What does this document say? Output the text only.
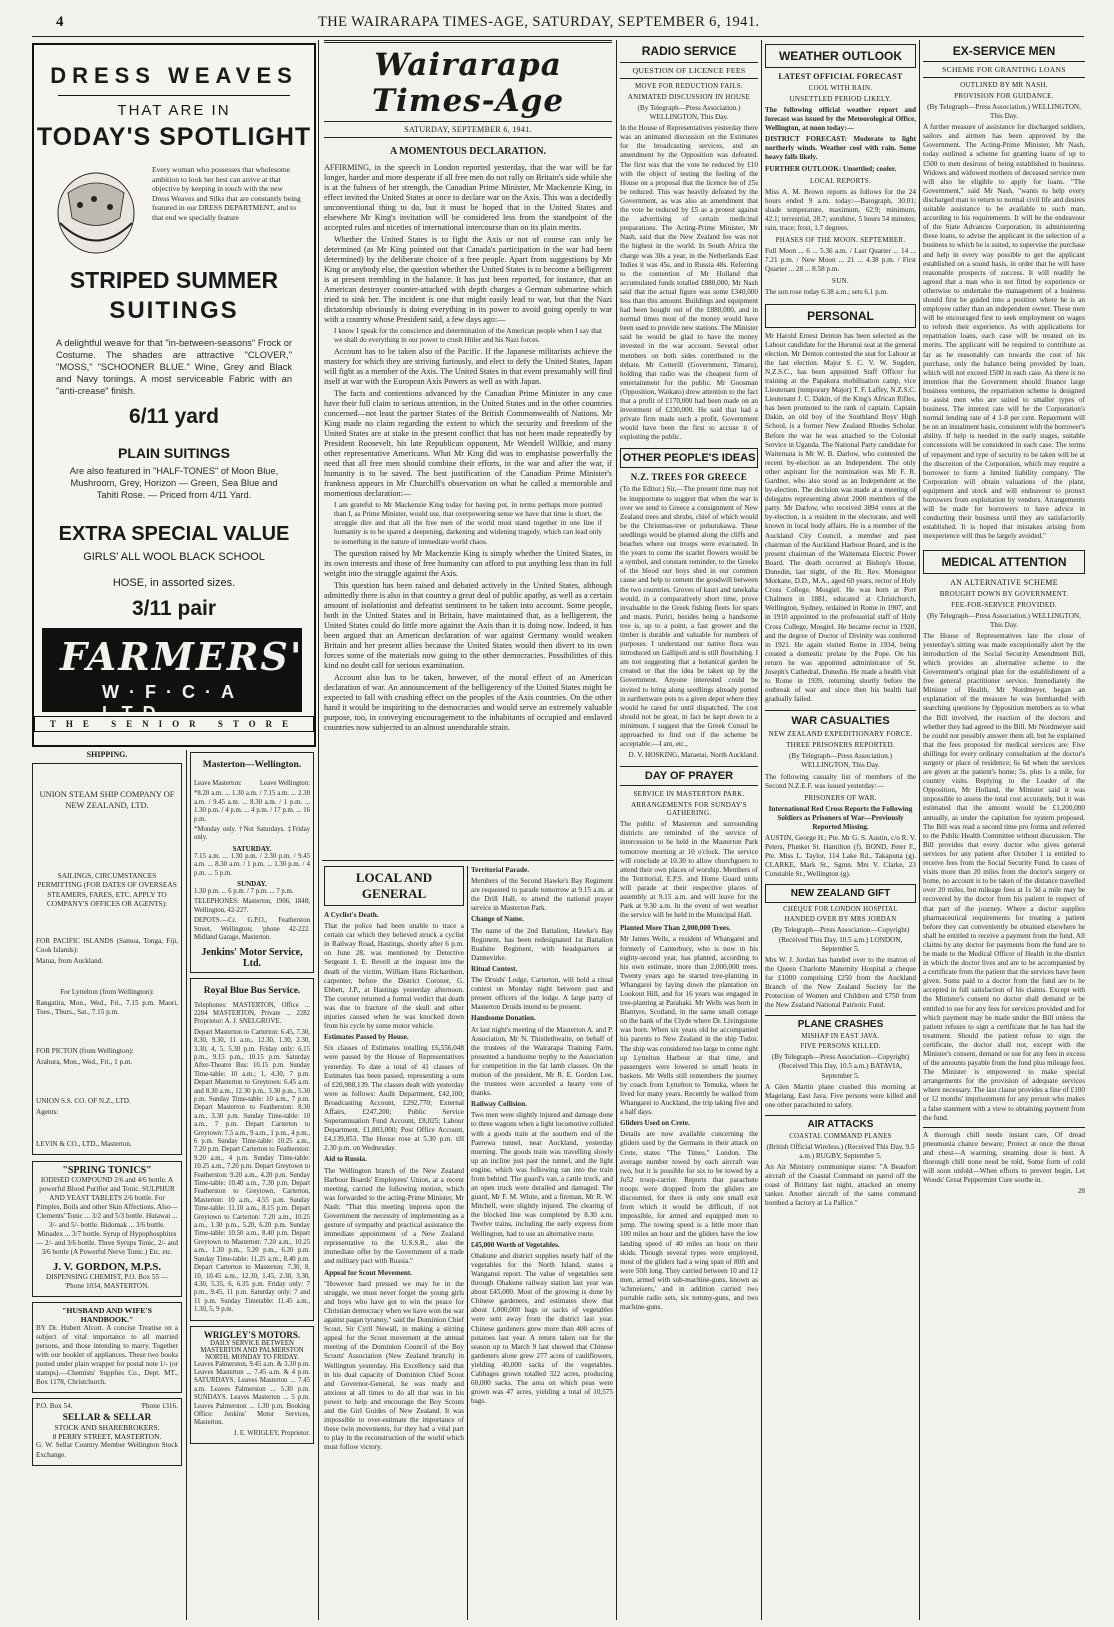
4	THE WAIRARAPA TIMES-AGE, SATURDAY, SEPTEMBER 6, 1941.
DRESS WEAVES
THAT ARE IN
TODAY'S SPOTLIGHT
Every woman who possesses that wholesome ambition to look her best can arrive at that objective by keeping in touch with the new Dress Weaves and Silks that are constantly being featured in our DRESS DEPARTMENT, and to that end we specially feature
STRIPED SUMMER
SUITINGS
A delightful weave for that "in-between-seasons" Frock or Costume. The shades are attractive "CLOVER," "MOSS," "SCHOONER BLUE." Wine, Grey and Black and Navy tonings. A most serviceable Fabric with an "anti-crease" finish.
6/11 yard
PLAIN SUITINGS
Are also featured in "HALF-TONES" of Moon Blue, Mushroom, Grey, Horizon — Green, Sea Blue and Tahiti Rose. — Priced from 4/11 Yard.
EXTRA SPECIAL VALUE
GIRLS' ALL WOOL BLACK SCHOOL
HOSE, in assorted sizes.
3/11 pair
FARMERS'
W·F·C·A LTD
THE SENIOR STORE
SHIPPING.
UNION STEAM SHIP COMPANY OF NEW ZEALAND, LTD.
SAILINGS, CIRCUMSTANCES PERMITTING (FOR DATES OF OVERSEAS STEAMERS, FARES, ETC. APPLY TO COMPANY'S OFFICES OR AGENTS):
FOR PACIFIC ISLANDS (Samoa, Tonga, Fiji, Cook Islands):
Matua, from Auckland.
For Lyttelton (from Wellington):
Rangatira, Mon., Wed., Fri., 7.15 p.m. Maori, Tues., Thurs., Sat., 7.15 p.m.
FOR PICTON (from Wellington):
Arahura, Mon., Wed., Fri., 1 p.m.
UNION S.S. CO. OF N.Z., LTD.
Agents:
LEVIN & CO., LTD., Masterton.
"SPRING TONICS"
IODISED COMPOUND 2/6 and 4/6 bottle. A powerful Blood Purifier and Tonic. SULPHUR AND YEAST TABLETS 2/6 bottle. For Pimples, Boils and other Skin Affections. Also— Clements' Tonic ... 3/2 and 5/3 bottle. Hutawai ... 3/- and 5/- bottle. Bidomak ... 3/6 bottle. Minadex ... 3/7 bottle. Syrup of Hypophosphites— 2/- and 3/6 bottle. Three Syrups Tonic, 2/- and 3/6 bottle (A Powerful Nerve Tonic.) Etc. etc.
J. V. GORDON, M.P.S.
DISPENSING CHEMIST, P.O. Box 55 — 'Phone 1034, MASTERTON.
"HUSBAND AND WIFE'S HANDBOOK."
BY Dr. Hubert Alcott. A concise Treatise on a subject of vital importance to all married persons, and those intending to marry. Together with our booklet of appliances. These two books posted under plain wrapper for postal note 1/- (or stamps).—Chemists' Supplies Co., Dept. MT., Box 1178, Christchurch.
P.O. Box 54.	'Phone 1316.
SELLAR & SELLAR
STOCK AND SHAREBROKERS.
8 PERRY STREET, MASTERTON.
G. W. Sellar Country Member Wellington Stock Exchange.
Masterton—Wellington.
Leave Masterton:	Leave Wellington:
*8.20 a.m. ... 1.30 a.m. / 7.15 a.m. ... 2.30 a.m. / 9.45 a.m. ... 8.30 a.m. / 1 p.m. ... 1.30 p.m. / 4 p.m. ... 4 p.m. / 17 p.m. ... 16 p.m.
*Monday only. †Not Saturdays. ‡Friday only.
SATURDAY.
7.15 a.m. ... 1.30 p.m. / 2.30 p.m. / 9.45 a.m. ... 8.30 a.m. / 1 p.m. ... 1.30 p.m. / 4 p.m. ... 5 p.m.
SUNDAY.
1.30 p.m. ... 6 p.m. / 7 p.m. ... 7 p.m.
TELEPHONES: Masterton, 1906, 1848; Wellington, 42-227.
DEPOTS.—Cr. G.P.O., Featherston Street, Wellington; 'phone 42-222. Midland Garage, Masterton.
Jenkins' Motor Service, Ltd.
Royal Blue Bus Service.
Telephones: MASTERTON, Office ... 2284 MASTERTON, Private ... 2282 Proprietor: A. J. SNELGROVE.
Depart Masterton to Carterton: 6.45, 7.30, 8.30, 9.30, 11 a.m., 12.30, 1.30, 2.30, 3.30, 4, 5, 5.30 p.m. Friday only: 6.15 p.m., 9.15 p.m., 10.15 p.m. Saturday After-Theatre Bus: 10.15 p.m. Sunday Time-table: 10 a.m.; 1, 4.30, 7 p.m. Depart Masterton to Greytown: 6.45 a.m. and 8.30 a.m., 12.30 p.m., 3.30 p.m., 5.30 p.m. Sunday Time-table: 10 a.m., 7 p.m. Depart Masterton to Featherston: 8.30 a.m., 3.30 p.m. Sunday Time-table: 10 a.m., 7 p.m. Depart Carterton to Greytown: 7.5 a.m., 9 a.m., 1 p.m., 4 p.m., 6 p.m. Sunday Time-table: 10.25 a.m., 7.20 p.m. Depart Carterton to Featherston: 9.20 a.m., 4 p.m. Sunday Time-table: 10.25 a.m., 7.20 p.m. Depart Greytown to Featherston: 9.20 a.m., 4.20 p.m. Sunday Time-table: 10.40 a.m., 7.30 p.m. Depart Featherston to Greytown, Carterton, Masterton: 10 a.m., 4.55 p.m. Sunday Time-table: 11.10 a.m., 8.15 p.m. Depart Greytown to Carterton: 7.20 a.m., 10.25 a.m., 1.30 p.m., 5.20, 6.20 p.m. Sunday Time-table: 10.50 a.m., 8.40 p.m. Depart Greytown to Masterton: 7.20 a.m., 10.25 a.m., 1.30 p.m., 5.20 p.m., 6.20 p.m. Sunday Time-table: 11.25 a.m., 8.40 p.m. Depart Carterton to Masterton: 7.30, 8, 10, 10.45 a.m., 12.30, 1.45, 2.30, 3.30, 4.30, 5.35, 6, 6.35 p.m. Friday only: 7 p.m., 9.45, 11 p.m. Saturday only: 7 and 11 p.m. Sunday Timetable: 11.45 a.m., 1.30, 5, 9 p.m.
WRIGLEY'S MOTORS.
DAILY SERVICE BETWEEN MASTERTON AND PALMERSTON NORTH. MONDAY TO FRIDAY.
Leaves Palmerston, 9.45 a.m. & 3.30 p.m. Leaves Masterton ... 7.45 a.m. & 4 p.m. SATURDAYS. Leaves Masterton ... 7.45 a.m. Leaves Palmerston ... 5.30 p.m. SUNDAYS. Leaves Masterton ... 5 p.m. Leaves Palmerston ... 1.30 p.m. Booking Office: Jenkins' Motor Services, Masterton.
J. E. WRIGLEY, Proprietor.
Wairarapa Times-Age
SATURDAY, SEPTEMBER 6, 1941.
A MOMENTOUS DECLARATION.
AFFIRMING, in the speech in London reported yesterday, that the war will be far longer, harder and more desperate if all free men do not rally on Britain's side while she is at the fulness of her strength, the Canadian Prime Minister, Mr Mackenzie King, in effect invited the United States at once to declare war on the Axis. This was a decidedly unconventional thing to do, but it must be hoped that in the United States and elsewhere Mr King's invitation will be considered less from the standpoint of the accepted rules and niceties of international intercourse than on its plain merits.
Whether the United States is to fight the Axis or not of course can only be determined (as Mr King pointed out that Canada's participation in the war had been determined) by the deliberate choice of a free people. Apart from suggestions by Mr King or anybody else, the question whether the United States is to become a belligerent is at present trembling in the balance. It has just been reported, for instance, that an American destroyer counter-attacked with depth charges a German submarine which tried to sink her. The incident is one that might easily lead to war, but that the Nazi dictatorship obviously is doing everything in its power to avoid going openly to war with a country whose President said, a few days ago:—
I know I speak for the conscience and determination of the American people when I say that we shall do everything in our power to crush Hitler and his Nazi forces.
Account has to be taken also of the Pacific. If the Japanese militarists achieve the mastery for which they are striving furiously, and elect to defy the United States, Japan will fight as a member of the Axis. The United States in that event presumably will find itself at war with the European Axis Powers as well as with Japan.
The facts and contentions advanced by the Canadian Prime Minister in any case have their full claim to serious attention, in the United States and in the other countries concerned—not least the partner States of the British Commonwealth of Nations. Mr King made no claim regarding the extent to which the security and freedom of the United States are at stake in the present conflict that has not been made repeatedly by President Roosevelt, his late Republican opponent, Mr Wendell Willkie, and many other representative Americans. What Mr King did was to emphasise powerfully the need that all free men should combine their efforts, in the war and after the war, if humanity is to be saved. The best justification of the Canadian Prime Minister's frankness appears in Mr Churchill's observation on what he called a memorable and momentous declaration:—
I am grateful to Mr Mackenzie King today for having put, in terms perhaps more pointed than I, as Prime Minister, would use, that overpowering sense we have that time is short, the struggle dire and that all the free men of the world must stand together in one line if humanity is to be spared a deepening, darkening and widening tragedy, which can lead only to something in the nature of immediate world chaos.
The question raised by Mr Mackenzie King is simply whether the United States, in its own interests and those of free humanity can afford to put anything less than its full weight into the struggle against the Axis.
This question has been raised and debated actively in the United States, although admittedly there is also in that country a great deal of public apathy, as well as a certain amount of isolationist and defeatist sentiment to be taken into account. Some people, both in the United States and in Britain, have maintained that, as a belligerent, the United States could do little more against the Axis than it is doing now. Indeed, it has been argued that an American declaration of war against Germany would weaken Britain and her present allies because the United States would then divert to its own forces some of the materials now going to the other democracies. Possibilities of this kind no doubt call for serious examination.
Account also has to be taken, however, of the moral effect of an American declaration of war. An announcement of the belligerency of the United States might be expected to fall with crushing effect on the peoples of the Axis countries. On the other hand it would be inspiriting to the democracies and would serve an extremely valuable purpose, too, in conveying encouragement to the inhabitants of occupied and enslaved countries now subjected to an almost unendurable strain.
LOCAL AND GENERAL
A Cyclist's Death.
That the police had been unable to trace a certain car which they believed struck a cyclist in Railway Road, Hastings, shortly after 6 p.m. on June 28, was mentioned by Detective Sergeant J. E. Revell at the inquest into the death of the victim, William Hans Richardson, carpenter, before the District Coroner, G. Ebbett, J.P., at Hastings yesterday afternoon. The coroner returned a formal verdict that death was due to fracture of the skull and other injuries caused when he was knocked down from his cycle by some motor vehicle.
Estimates Passed by House.
Six classes of Estimates totalling £6,556,048 were passed by the House of Representatives yesterday. To date a total of 41 classes of Estimates has been passed, representing a sum of £20,988,139. The classes dealt with yesterday were as follows: Audit Department, £42,100; Broadcasting Account, £292,770; External Affairs, £247,200; Public Service Superannuation Fund Account, £8,025; Labour Department, £1,803,000; Post Office Account, £4,139,853. The House rose at 5.30 p.m. till 2.30 p.m. on Wednesday.
Aid to Russia.
The Wellington branch of the New Zealand Harbour Boards' Employees' Union, at a recent meeting, carried the following motion, which was forwarded to the acting-Prime Minister, Mr Nash: "That this meeting impress upon the Government the necessity of implementing as a gesture of sympathy and practical assistance the immediate appointment of a New Zealand representative to the U.S.S.R., also the immediate offer by the Government of a trade and military pact with Russia."
Appeal for Scout Movement.
"However hard pressed we may be in the struggle, we must never forget the young girls and boys who have got to win the peace for Christian democracy when we have won the war against pagan tyranny," said the Dominion Chief Scout, Sir Cyril Newall, in making a stirring appeal for the Scout movement at the annual meeting of the Dominion Council of the Boy Scouts' Association (New Zealand branch) in Wellington yesterday. His Excellency said that in his dual capacity of Dominion Chief Scout and Governor-General, he was ready and anxious at all times to do all that was in his power to help and encourage the Boy Scouts and the Girl Guides of New Zealand. It was impossible to over-estimate the importance of these twin movements, for they had a vital part to play in the reconstruction of the world which must follow victory.
Territorial Parade.
Members of the Second Hawke's Bay Regiment are requested to parade tomorrow at 9.15 a.m. at the Drill Hall, to attend the national prayer service in Masterton Park.
Change of Name.
The name of the 2nd Battalion, Hawke's Bay Regiment, has been redesignated 1st Battalion Ruahine Regiment, with headquarters at Dannevirke.
Ritual Contest.
The Druids' Lodge, Carterton, will hold a ritual contest on Monday night between past and present officers of the lodge. A large party of Masterton Druids intend to be present.
Handsome Donation.
At last night's meeting of the Masterton A. and P. Association, Mr N. Thistlethwaite, on behalf of the trustees of the Wairarapa Training Farm, presented a handsome trophy to the Association for competition in the fat lamb classes. On the motion of the president, Mr R. E. Gordon Lee, the trustees were accorded a hearty vote of thanks.
Railway Collision.
Two men were slightly injured and damage done to three wagons when a light locomotive collided with a goods train at the southern end of the Paerewa tunnel, near Auckland, yesterday morning. The goods train was travelling slowly up an incline just past the tunnel, and the light engine, which was following ran into the train from behind. The guard's van, a cattle truck, and an open truck were derailed and damaged. The guard, Mr F. M. White, and a fireman, Mr R. W. Mitchell, were slightly injured. The clearing of the blocked line was completed by 8.30 a.m. Twelve trains, including the early express from Wellington, had to use an alternative route.
£45,000 Worth of Vegetables.
Ohakune and district supplies nearly half of the vegetables for the North Island, states a Wanganui report. The value of vegetables sent through Ohakune railway station last year was about £45,000. Most of the growing is done by Chinese gardeners, and estimates show that about 1,000,000 bags or sacks of vegetables were sent away from the district last year. Chinese gardeners grew more than 400 acres of potatoes last year. A return taken out for the season up to March 9 last showed that Chinese gardeners alone grew 277 acres of cauliflowers, yielding 40,000 sacks of the vegetables. Cabbages grown totalled 322 acres, producing 60,000 sacks. The area on which peas were grown was 47 acres, yielding a total of 10,575 bags.
RADIO SERVICE
QUESTION OF LICENCE FEES
MOVE FOR REDUCTION FAILS.
ANIMATED DISCUSSION IN HOUSE
(By Telegraph—Press Association.) WELLINGTON, This Day.
In the House of Representatives yesterday there was an animated discussion on the Estimates for the broadcasting services, and an amendment by the Opposition was defeated. The first was that the vote be reduced by £10 with the object of testing the feeling of the House on a proposal that the licence fee of 25s be reduced. This was heavily defeated by the Government, as was also an amendment that the vote be reduced by £5 as a protest against the advertising of certain medicinal preparations. The Acting-Prime Minister, Mr Nash, said that the New Zealand fee was not the highest in the world. In South Africa the charge was 30s a year, in the Netherlands East Indies it was 45s, and in Russia 48s. Referring to the contention of Mr Holland that accumulated funds totalled £880,000, Mr Nash said that the actual figure was some £340,000 less than this amount. Buildings and equipment had been bought out of the £880,000, and in normal times most of the money would have been used to provide new stations. The Minister said he would be glad to have the money invested in the war account. Several other members on both sides contributed to the debate. Mr Cotterill (Government, Timaru), holding that radio was the cheapest form of entertainment for the public. Mr Goosman (Opposition, Waikato) drew attention to the fact that a profit of £170,000 had been made on an investment of £230,000. He said that had a private firm made such a profit, Government would have been the first to accuse it of exploiting the public.
OTHER PEOPLE'S IDEAS
N.Z. TREES FOR GREECE
(To the Editor.) Sir,—The present time may not be inopportune to suggest that when the war is over we send to Greece a consignment of New Zealand trees and shrubs, chief of which would be the Christmas-tree or pohutukawa. These seedlings would be planted along the cliffs and beaches where our troops were evacuated. In the years to come the scarlet flowers would be a symbol, and constant reminder, to the Greeks of the blood our boys shed in our common cause and help to cement the goodwill between the two countries. Groves of kauri and tanekaha would, in a comparatively short time, prove invaluable to the Greek fishing fleets for spars and masts. Puriri, besides being a handsome tree is, up to a point, a fast grower and the timber is durable and valuable for numbers of purposes. I understand our native flora was introduced on Gallipoli and is still flourishing. I am not suggesting that a botanical garden be created or that the idea be taken up by the Government. Anyone interested could be invited to bring along seedlings already potted in earthenware pots to a given depot where they would be cared for until dispatched. The cost should not be great, in fact be kept down to a minimum. I suggest that the Greek Consul be approached to find out if the scheme be acceptable.—I am, etc.,
D. V. HOSKING, Maraetai, North Auckland.
DAY OF PRAYER
SERVICE IN MASTERTON PARK.
ARRANGEMENTS FOR SUNDAY'S GATHERING.
The public of Masterton and surrounding districts are reminded of the service of intercession to be held in the Masterton Park tomorrow morning at 10 o'clock. The service will conclude at 10.30 to allow churchgoers to attend their own places of worship. Members of the Territorial, E.P.S. and Home Guard units will parade at their respective places of assembly at 9.15 a.m. and will leave for the Park at 9.30 a.m. In the event of wet weather the service will be held in the Municipal Hall.
Planted More Than 2,000,000 Trees.
Mr James Wells, a resident of Whangarei and formerly of Canterbury, who is now in his eighty-second year, has planted, according to his own estimate, more than 2,000,000 trees. Twenty years ago he started tree-planting in Whangarei by laying down the plantation on Lookout Hill, and for 16 years was engaged in tree-planting at Parahaki. Mr Wells was born in Blantyre, Scotland, in the same small cottage on the bank of the Clyde where Dr. Livingstone was born. When six years old he accompanied his parents to New Zealand in the ship Tudor. The ship was considered too large to come right up Lyttelton Harbour at that time, and passengers were lowered to small boats in baskets. Mr Wells still remembers the journey by coach from Lyttelton to Temuka, where he lived for many years. Recently he walked from Whangarei to Auckland, the trip taking five and a half days.
Gliders Used on Crete.
Details are now available concerning the gliders used by the Germans in their attack on Crete, states "The Times," London. The average number towed by each aircraft was two, but it is possible for six to be towed by a Ju52 troop-carrier. Reports that parachute troops were dropped from the gliders are discounted, for there is only one small exit from which it would be difficult, if not impossible, for armed and equipped men to jump. The towing speed is a little more than 100 miles an hour and the gliders have the low landing speed of 40 miles an hour on their skids. Though several types were employed, most of the gliders had a wing span of 80ft and were 50ft long. They carried between 10 and 12 men, armed with sub-machine-guns, known as 'schmeisers,' and in addition carried two portable radio sets, six tommy-guns, and two machine-guns.
WEATHER OUTLOOK
LATEST OFFICIAL FORECAST
COOL WITH RAIN.
UNSETTLED PERIOD LIKELY.
The following official weather report and forecast was issued by the Meteorological Office, Wellington, at noon today:—
DISTRICT FORECAST: Moderate to light northerly winds. Weather cool with rain. Some heavy falls likely.
FURTHER OUTLOOK: Unsettled; cooler.
LOCAL REPORTS.
Miss A. M. Brown reports as follows for the 24 hours ended 9 a.m. today:—Barograph, 30.01; shade temperature, maximum, 62.9; minimum, 42.1; terrestrial, 28.7; sunshine, 5 hours 54 minutes; rain, trace; frost, 1.7 degrees.
PHASES OF THE MOON. SEPTEMBER.
Full Moon ... 6 ... 5.36 a.m. / Last Quarter ... 14 ... 7.21 p.m. / New Moon ... 21 ... 4.38 p.m. / First Quarter ... 28 ... 8.58 p.m.
SUN.
The sun rose today 6.38 a.m.; sets 6.1 p.m.
PERSONAL
Mr Harold Ernest Denton has been selected as the Labour candidate for the Hurunui seat at the general election. Mr Denton contested the seat for Labour at the last election. Major S. C. V. W. Sugden, N.Z.S.C., has been appointed Staff Officer for training at the Papakura mobilisation camp, vice Lieutenant (temporary Major) T. F. Laffey, N.Z.S.C. Lieutenant J. C. Dakin, of the King's African Rifles, has been promoted to the rank of captain. Captain Dakin, an old boy of the Southland Boys' High School, is a former New Zealand Rhodes Scholar. Before the war he was attached to the Colonial Service in Uganda. The National Party candidate for Waitemata is Mr W. B. Darlow, who contested the recent by-election as an Independent. The only other aspirant for the nomination was Mr F. R. Gardner, who also stood as an Independent at the by-election. The decision was made at a meeting of delegates representing about 2000 members of the party. Mr Darlow, who received 3894 votes at the by-election, is a resident in the electorate, and well known in local body affairs. He is a member of the Auckland City Council, a member and past chairman of the Auckland Harbour Board, and is the present chairman of the Waitemata Electric Power Board. The death occurred at Bishop's House, Dunedin, last night, of the Rt. Rev. Monsignor Morkane, D.D., M.A., aged 60 years, rector of Holy Cross College, Mosgiel. He was born at Port Chalmers in 1881, educated at Christchurch, Wellington, Sydney, ordained in Rome in 1907, and in 1910 appointed to the professorial staff of Holy Cross College, Mosgiel. He became rector in 1920, and the degree of Doctor of Divinity was conferred in 1921. He again visited Rome in 1934, being created a domestic prelate by the Pope. On his return he was appointed administrator of St. Joseph's Cathedral, Dunedin. He made a health visit to Rome in 1939, returning shortly before the outbreak of war and since then his health had gradually failed.
WAR CASUALTIES
NEW ZEALAND EXPEDITIONARY FORCE.
THREE PRISONERS REPORTED.
(By Telegraph—Press Association.) WELLINGTON, This Day.
The following casualty list of members of the Second N.Z.E.F. was issued yesterday:—
PRISONERS OF WAR.
International Red Cross Reports the Following Soldiers as Prisoners of War—Previously Reported Missing.
AUSTIN, George H.; Pte. Mr G. S. Austin, c/o R. V. Peters, Plunket St. Hamilton (f). BOND, Peter F., Pte. Miss L. Taylor, 114 Lake Rd., Takapuna (g). CLARKE, Mark St., Sgmn. Mrs V. Clarke, 23 Constable St., Wellington (g).
NEW ZEALAND GIFT
CHEQUE FOR LONDON HOSPITAL
HANDED OVER BY MRS JORDAN
(By Telegraph—Press Association—Copyright) (Received This Day, 10.5 a.m.) LONDON, September 5.
Mrs W. J. Jordan has handed over to the matron of the Queen Charlotte Maternity Hospital a cheque for £1000 comprising £250 from the Auckland Branch of the New Zealand Society for the Protection of Women and Children and £750 from the New Zealand National Patriotic Fund.
PLANE CRASHES
MISHAP IN EAST JAVA.
FIVE PERSONS KILLED.
(By Telegraph—Press Association—Copyright) (Received This Day, 10.5 a.m.) BATAVIA, September 5.
A Glen Martin plane crashed this morning at Magelang, East Java. Five persons were killed and one other parachuted to safety.
AIR ATTACKS
COASTAL COMMAND PLANES
(British Official Wireless.) (Received This Day, 9.5 a.m.) RUGBY, September 5.
An Air Ministry communique states: "A Beaufort aircraft of the Coastal Command on patrol off the coast of Brittany last night, attacked an enemy tanker. Another aircraft of the same command bombed a factory at La Pallice."
EX-SERVICE MEN
SCHEME FOR GRANTING LOANS
OUTLINED BY MR NASH.
PROVISION FOR GUIDANCE.
(By Telegraph—Press Association.) WELLINGTON, This Day.
A further measure of assistance for discharged soldiers, sailors and airmen has been approved by the Government. The Acting-Prime Minister, Mr Nash, today outlined a scheme for granting loans of up to £500 to men desirous of being established in business. Widows and widowed mothers of deceased service men will also be eligible to apply for loans. "The Government," said Mr Nash, "wants to help every discharged man to return to normal civil life and desires suitable assistance to be available to such man, according to his requirements. It will be the endeavour of the State Advances Corporation, in administering these loans, to advise the applicant in the selection of a business to which he is suited, to supervise the purchase and help in every way possible to get the applicant established on a sound basis, in order that he will have reasonable prospects of success. It will readily be agreed that a man who is not fitted by experience or otherwise to undertake the management of a business should first be guided into a position where he is an employee rather than an independent owner. These men will be encouraged first to seek employment on wages to refresh their experience. As with applications for repatriation loans, each case will be treated on its merits. The applicant will be required to contribute as far as he reasonably can towards the cost of his purchase, only the balance being provided by loan, which will not exceed £500 in each case. As there is no intention that the Government should finance large business ventures, the repatriation scheme is designed to assist men who are suited to smaller types of business. The interest rate will be the Corporation's normal lending rate of 4 1-8 per cent. Repayment will be on an instalment basis, consistent with the borrower's ability. If help is needed in the early stages, suitable concessions will be considered in each case. The terms of repayment and type of security to be taken will be at the discretion of the Corporation, which may require a borrower to form a limited liability company. The Corporation will obtain valuations of the plant, equipment and stock and will endeavour to protect borrowers from exploitation by vendors. Arrangements will be made for borrowers to have advice in conducting their business until they are satisfactorily established. It is hoped that mistakes arising from inexperience will thus be largely avoided."
MEDICAL ATTENTION
AN ALTERNATIVE SCHEME
BROUGHT DOWN BY GOVERNMENT.
FEE-FOR-SERVICE PROVIDED.
(By Telegraph—Press Association.) WELLINGTON, This Day.
The House of Representatives late the close of yesterday's sitting was made exceptionally alert by the introduction of the Social Security Amendment Bill, which provides an alternative scheme to the Government's original plan for the establishment of a free general practitioner service. Immediately the Minister of Health, Mr Nordmeyer, began an explanation of the measure he was bombarded with searching questions by Opposition members as to what the Bill involved, the reaction of the doctors and whether they had agreed to the Bill. Mr Nordmeyer said he could not possibly answer them all, but he explained that the fees proposed for medical services are: Five shillings for every ordinary consultation at the doctor's surgery or place of residence; 6s 6d when the services are given at the patient's home; 5s. plus 1s a mile, for country visits. Replying to the Leader of the Opposition, Mr Holland, the Minister said it was impossible to assess the total cost accurately, but it was estimated that the amount would be £1,200,000 annually, as under the capitation fee system proposed. The Bill was read a second time pro forma and referred to the Public Health Committee without discussion. The Bill provides that every doctor who gives general services for any patient after October 1 is entitled to receive fees from the Social Security Fund. In cases of visits more than 20 miles from the doctor's surgery or home, no account is to be taken of the distance travelled over 20 miles, but mileage fees at 1s 3d a mile may be recovered by the doctor from his patient in respect of that part of the journey. Where a doctor supplies pharmaceutical requirements for treating a patient before they can conveniently be obtained elsewhere he shall be entitled to receive a payment from the fund. All claims by any doctor for payments from the fund are to be made to the Medical Officer of Health in the district in which the doctor lives and are to be accompanied by a certificate from the patient that the services have been given. Sums paid to a doctor from the fund are to be accepted in full satisfaction of his claims. Except with the Minister's consent no doctor shall demand or be entitled to sue for any fees for services provided and for which payment may be made under the Bill unless the patient refuses to sign a certificate that he has had the treatment. Should the patient refuse to sign the certificate, the doctor shall not, except with the Minister's consent, demand or sue for any fees in excess of the amounts payable from the fund plus mileage fees. The Minister is empowered to make special arrangements for the provision of adequate services where necessary. The last clause provides a fine of £100 or 12 months' imprisonment for any person who makes a false statement with a view to obtaining payment from the fund.
A thorough chill needs instant care, Of dread pneumonia chance beware; Protect at once the throat and chest—A warming, steaming dose is best. A thorough chill none need be told, Some form of cold will soon unfold—When efforts to prevent begin, Let Woods' Great Peppermint Cure soothe in.
28
